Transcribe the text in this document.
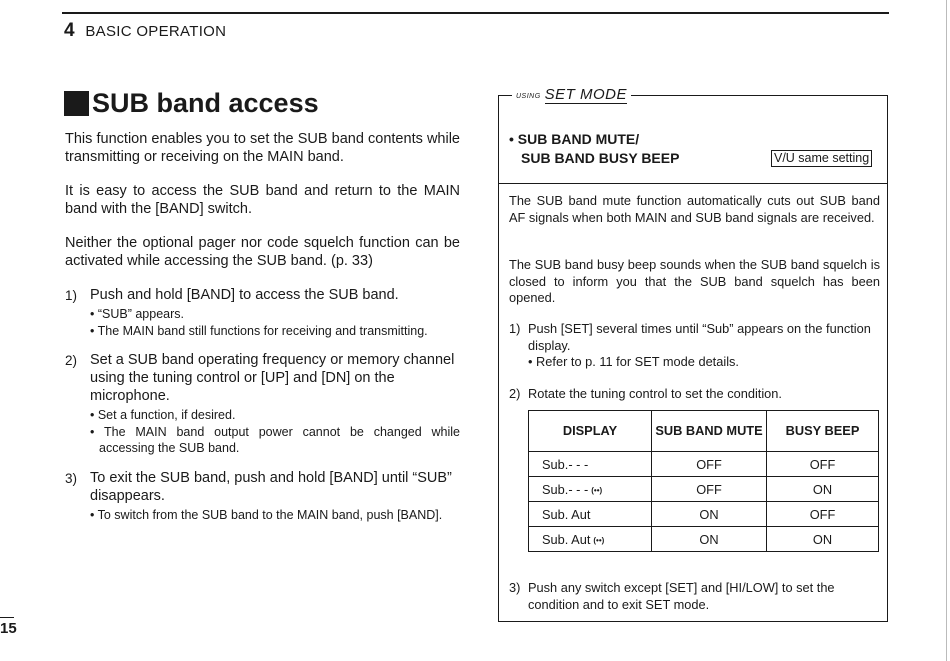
4 BASIC OPERATION
SUB band access

This function enables you to set the SUB band contents while transmitting or receiving on the MAIN band.

It is easy to access the SUB band and return to the MAIN band with the [BAND] switch.

Neither the optional pager nor code squelch function can be activated while accessing the SUB band. (p. 33)

1) Push and hold [BAND] to access the SUB band.
• “SUB” appears.
• The MAIN band still functions for receiving and transmitting.
2) Set a SUB band operating frequency or memory channel using the tuning control or [UP] and [DN] on the microphone.
• Set a function, if desired.
• The MAIN band output power cannot be changed while accessing the SUB band.
3) To exit the SUB band, push and hold [BAND] until “SUB” disappears.
• To switch from the SUB band to the MAIN band, push [BAND].
15
USING SET MODE
• SUB BAND MUTE/
SUB BAND BUSY BEEP	V/U same setting
The SUB band mute function automatically cuts out SUB band AF signals when both MAIN and SUB band signals are received.
The SUB band busy beep sounds when the SUB band squelch is closed to inform you that the SUB band squelch has been opened.
1) Push [SET] several times until “Sub” appears on the function display.
• Refer to p. 11 for SET mode details.
2) Rotate the tuning control to set the condition.
DISPLAY	SUB BAND MUTE	BUSY BEEP
Sub.- - -	OFF	OFF
Sub.- - - (••)	OFF	ON
Sub. Aut	ON	OFF
Sub. Aut (••)	ON	ON
3) Push any switch except [SET] and [HI/LOW] to set the condition and to exit SET mode.
